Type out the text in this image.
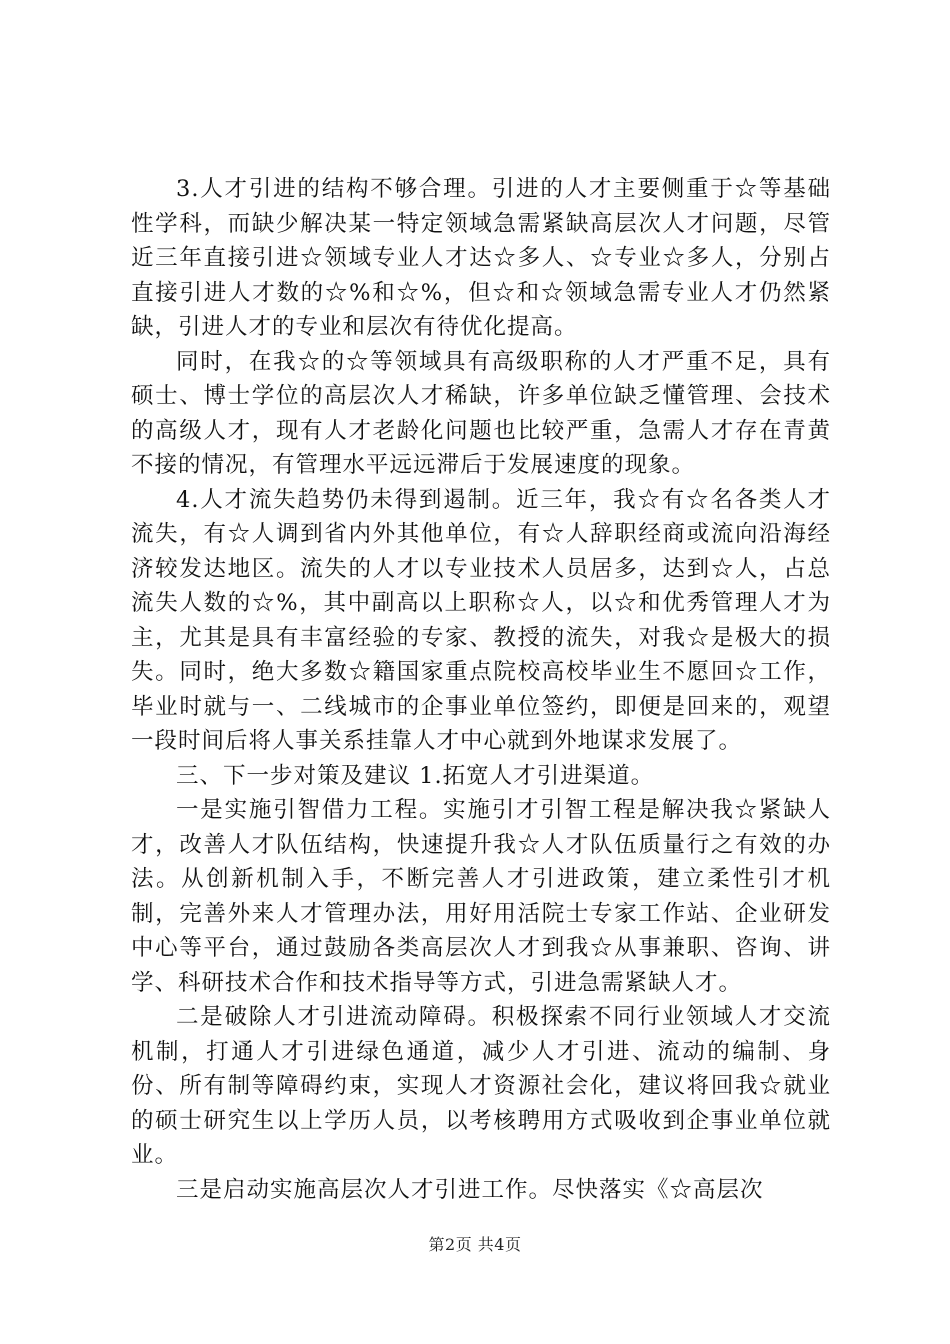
3.人才引进的结构不够合理。引进的人才主要侧重于☆等基础性学科，而缺少解决某一特定领域急需紧缺高层次人才问题，尽管近三年直接引进☆领域专业人才达☆多人、☆专业☆多人，分别占直接引进人才数的☆%和☆%，但☆和☆领域急需专业人才仍然紧缺，引进人才的专业和层次有待优化提高。

同时，在我☆的☆等领域具有高级职称的人才严重不足，具有硕士、博士学位的高层次人才稀缺，许多单位缺乏懂管理、会技术的高级人才，现有人才老龄化问题也比较严重，急需人才存在青黄不接的情况，有管理水平远远滞后于发展速度的现象。

4.人才流失趋势仍未得到遏制。近三年，我☆有☆名各类人才流失，有☆人调到省内外其他单位，有☆人辞职经商或流向沿海经济较发达地区。流失的人才以专业技术人员居多，达到☆人，占总流失人数的☆%，其中副高以上职称☆人，以☆和优秀管理人才为主，尤其是具有丰富经验的专家、教授的流失，对我☆是极大的损失。同时，绝大多数☆籍国家重点院校高校毕业生不愿回☆工作，毕业时就与一、二线城市的企事业单位签约，即便是回来的，观望一段时间后将人事关系挂靠人才中心就到外地谋求发展了。

三、下一步对策及建议 1.拓宽人才引进渠道。

一是实施引智借力工程。实施引才引智工程是解决我☆紧缺人才，改善人才队伍结构，快速提升我☆人才队伍质量行之有效的办法。从创新机制入手，不断完善人才引进政策，建立柔性引才机制，完善外来人才管理办法，用好用活院士专家工作站、企业研发中心等平台，通过鼓励各类高层次人才到我☆从事兼职、咨询、讲学、科研技术合作和技术指导等方式，引进急需紧缺人才。

二是破除人才引进流动障碍。积极探索不同行业领域人才交流机制，打通人才引进绿色通道，减少人才引进、流动的编制、身份、所有制等障碍约束，实现人才资源社会化，建议将回我☆就业的硕士研究生以上学历人员，以考核聘用方式吸收到企事业单位就业。

三是启动实施高层次人才引进工作。尽快落实《☆高层次

第2页 共4页
